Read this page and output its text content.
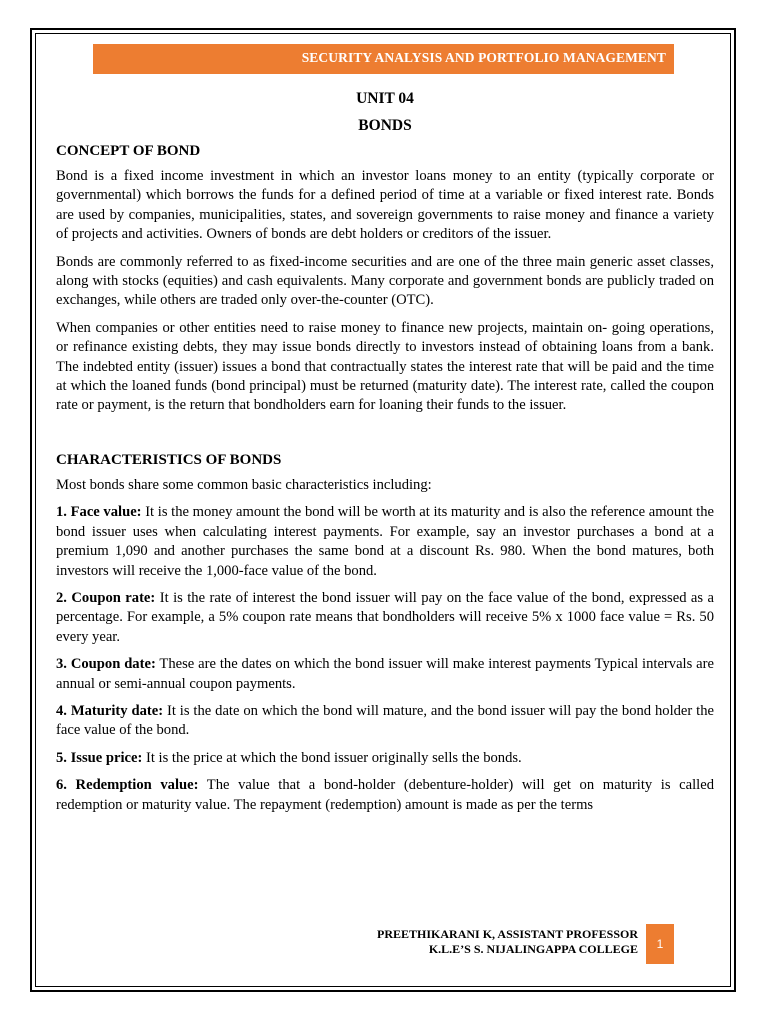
SECURITY ANALYSIS AND PORTFOLIO MANAGEMENT
UNIT 04
BONDS
CONCEPT OF BOND

Bond is a fixed income investment in which an investor loans money to an entity (typically corporate or governmental) which borrows the funds for a defined period of time at a variable or fixed interest rate. Bonds are used by companies, municipalities, states, and sovereign governments to raise money and finance a variety of projects and activities. Owners of bonds are debt holders or creditors of the issuer.

Bonds are commonly referred to as fixed-income securities and are one of the three main generic asset classes, along with stocks (equities) and cash equivalents. Many corporate and government bonds are publicly traded on exchanges, while others are traded only over-the-counter (OTC).

When companies or other entities need to raise money to finance new projects, maintain on- going operations, or refinance existing debts, they may issue bonds directly to investors instead of obtaining loans from a bank. The indebted entity (issuer) issues a bond that contractually states the interest rate that will be paid and the time at which the loaned funds (bond principal) must be returned (maturity date). The interest rate, called the coupon rate or payment, is the return that bondholders earn for loaning their funds to the issuer.

CHARACTERISTICS OF BONDS

Most bonds share some common basic characteristics including:

1. Face value: It is the money amount the bond will be worth at its maturity and is also the reference amount the bond issuer uses when calculating interest payments. For example, say an investor purchases a bond at a premium 1,090 and another purchases the same bond at a discount Rs. 980. When the bond matures, both investors will receive the 1,000-face value of the bond.

2. Coupon rate: It is the rate of interest the bond issuer will pay on the face value of the bond, expressed as a percentage. For example, a 5% coupon rate means that bondholders will receive 5% x 1000 face value = Rs. 50 every year.

3. Coupon date: These are the dates on which the bond issuer will make interest payments Typical intervals are annual or semi-annual coupon payments.

4. Maturity date: It is the date on which the bond will mature, and the bond issuer will pay the bond holder the face value of the bond.

5. Issue price: It is the price at which the bond issuer originally sells the bonds.

6. Redemption value: The value that a bond-holder (debenture-holder) will get on maturity is called redemption or maturity value. The repayment (redemption) amount is made as per the terms

PREETHIKARANI K, ASSISTANT PROFESSOR
K.L.E’S S. NIJALINGAPPA COLLEGE	1
